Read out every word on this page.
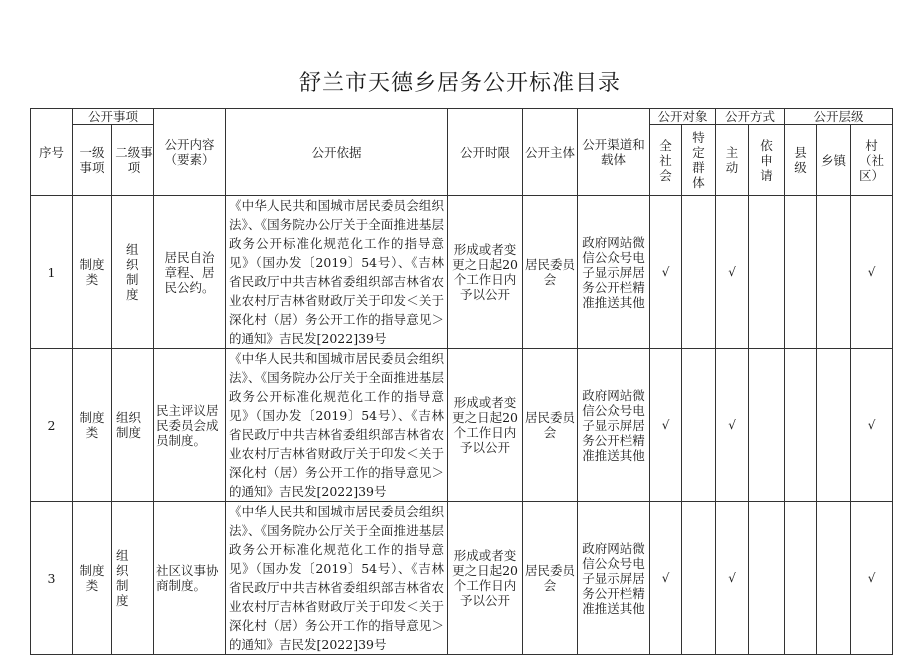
舒兰市天德乡居务公开标准目录
序号	公开事项		公开内容（要素）	公开依据	公开时限	公开主体	公开渠道和载体	公开对象		公开方式		公开层级		
	一级事项	二级事项						全社会	特定群体	主动	依申请	县级	乡镇	村（社区）
1	制度类	组织制度	居民自治章程、居民公约。	《中华人民共和国城市居民委员会组织法》、《国务院办公厅关于全面推进基层政务公开标准化规范化工作的指导意见》（国办发〔2019〕54号）、《吉林省民政厅中共吉林省委组织部吉林省农业农村厅吉林省财政厅关于印发＜关于深化村（居）务公开工作的指导意见＞的通知》吉民发[2022]39号	形成或者变更之日起20个工作日内予以公开	居民委员会	政府网站微信公众号电子显示屏居务公开栏精准推送其他	√		√				√
2	制度类	组织制度	民主评议居民委员会成员制度。	《中华人民共和国城市居民委员会组织法》、《国务院办公厅关于全面推进基层政务公开标准化规范化工作的指导意见》（国办发〔2019〕54号）、《吉林省民政厅中共吉林省委组织部吉林省农业农村厅吉林省财政厅关于印发＜关于深化村（居）务公开工作的指导意见＞的通知》吉民发[2022]39号	形成或者变更之日起20个工作日内予以公开	居民委员会	政府网站微信公众号电子显示屏居务公开栏精准推送其他	√		√				√
3	制度类	组织制度	社区议事协商制度。	《中华人民共和国城市居民委员会组织法》、《国务院办公厅关于全面推进基层政务公开标准化规范化工作的指导意见》（国办发〔2019〕54号）、《吉林省民政厅中共吉林省委组织部吉林省农业农村厅吉林省财政厅关于印发＜关于深化村（居）务公开工作的指导意见＞的通知》吉民发[2022]39号	形成或者变更之日起20个工作日内予以公开	居民委员会	政府网站微信公众号电子显示屏居务公开栏精准推送其他	√		√				√
